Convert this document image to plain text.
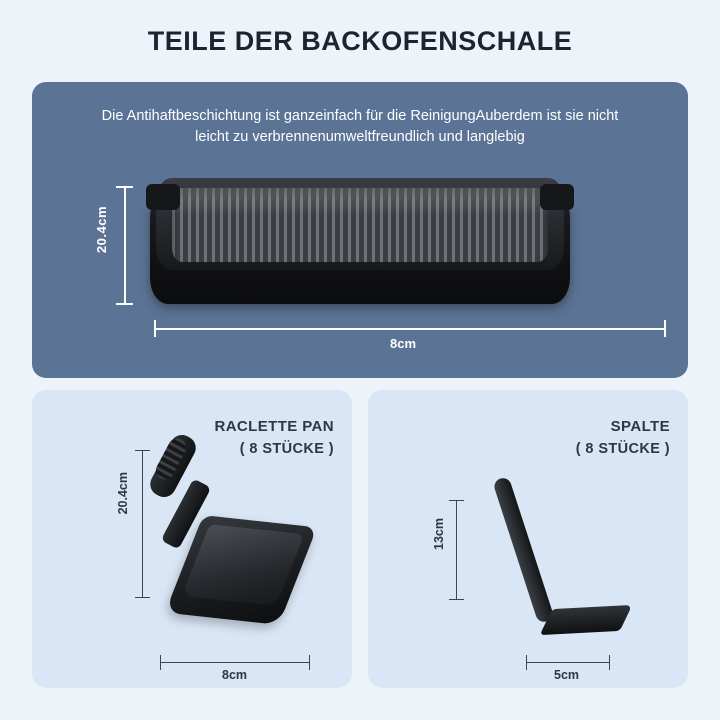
TEILE DER BACKOFENSCHALE
Die Antihaftbeschichtung ist ganzeinfach für die ReinigungAuberdem ist sie nicht leicht zu verbrennenumweltfreundlich und langlebig
20.4cm
8cm
RACLETTE PAN
( 8 STÜCKE )
20.4cm
8cm
SPALTE
( 8 STÜCKE )
13cm
5cm
